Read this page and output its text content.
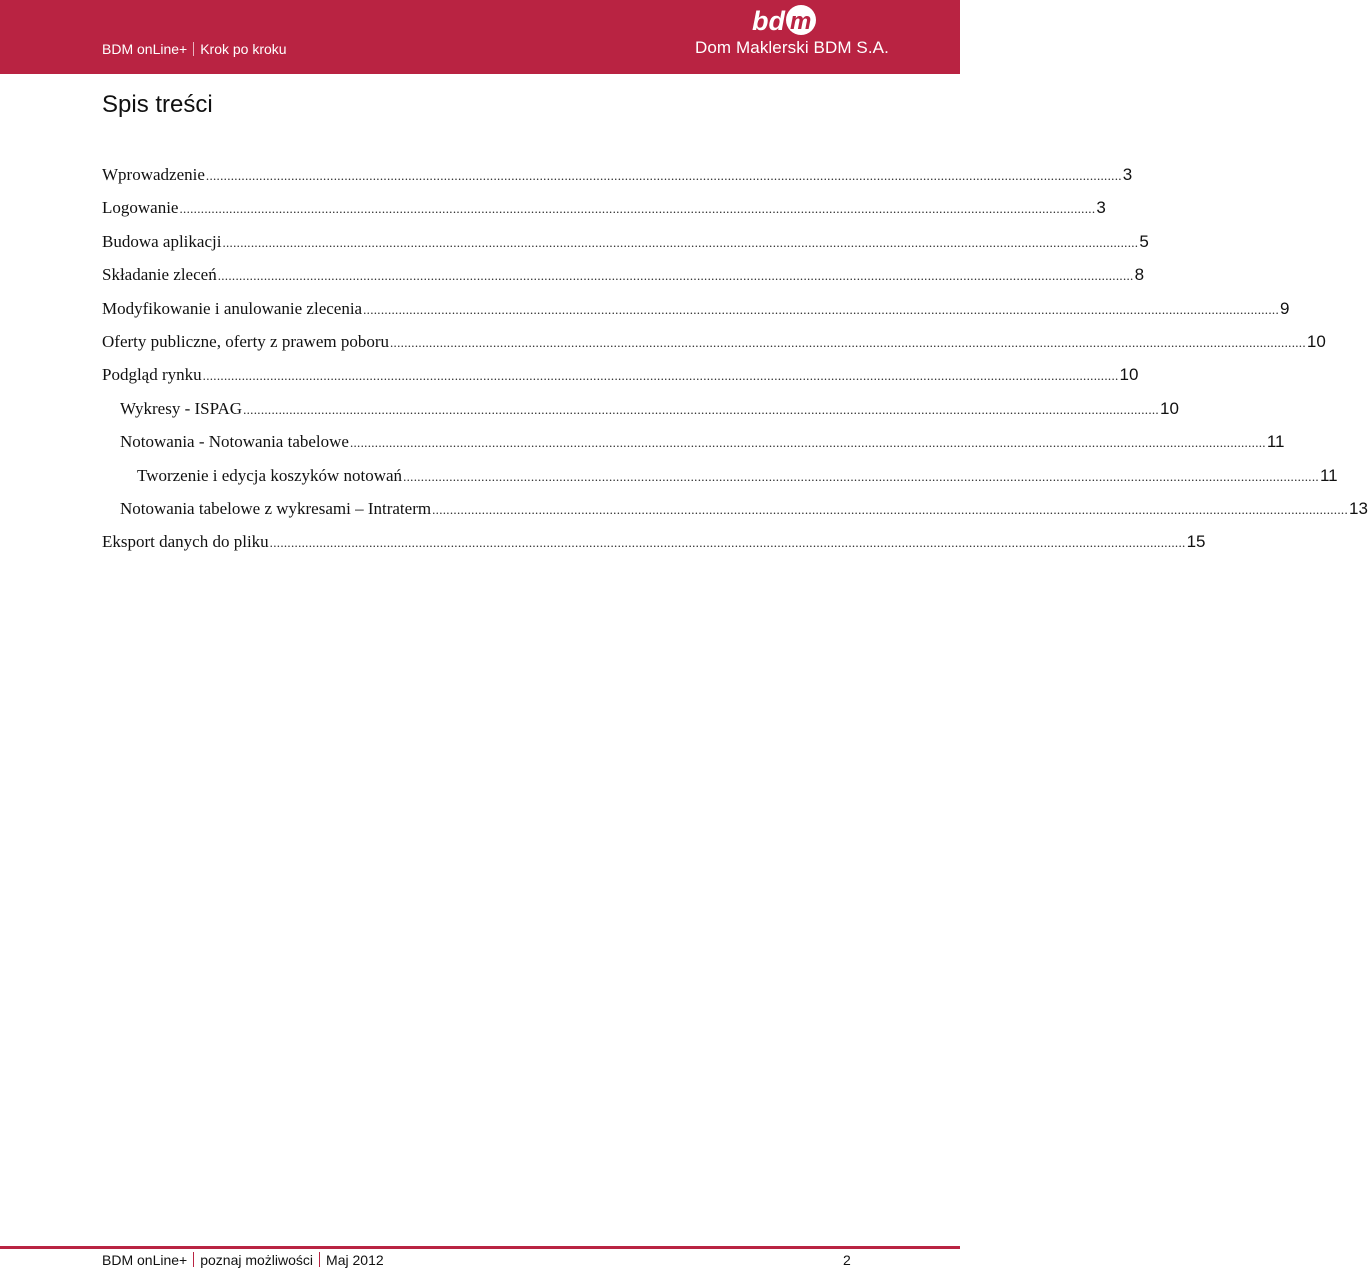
BDM onLine+ Krok po kroku
bd m
Dom Maklerski BDM S.A.
Spis treści
Wprowadzenie .................................................................................................................................................................................................................................................................. 3
Logowanie .................................................................................................................................................................................................................................................................. 3
Budowa aplikacji .................................................................................................................................................................................................................................................................. 5
Składanie zleceń .................................................................................................................................................................................................................................................................. 8
Modyfikowanie i anulowanie zlecenia .................................................................................................................................................................................................................................................................. 9
Oferty publiczne, oferty z prawem poboru .................................................................................................................................................................................................................................................................. 10
Podgląd rynku .................................................................................................................................................................................................................................................................. 10
Wykresy - ISPAG .................................................................................................................................................................................................................................................................. 10
Notowania - Notowania tabelowe .................................................................................................................................................................................................................................................................. 11
Tworzenie i edycja koszyków notowań .................................................................................................................................................................................................................................................................. 11
Notowania tabelowe z wykresami – Intraterm .................................................................................................................................................................................................................................................................. 13
Eksport danych do pliku .................................................................................................................................................................................................................................................................. 15
BDM onLine+ poznaj możliwości Maj 2012	2
